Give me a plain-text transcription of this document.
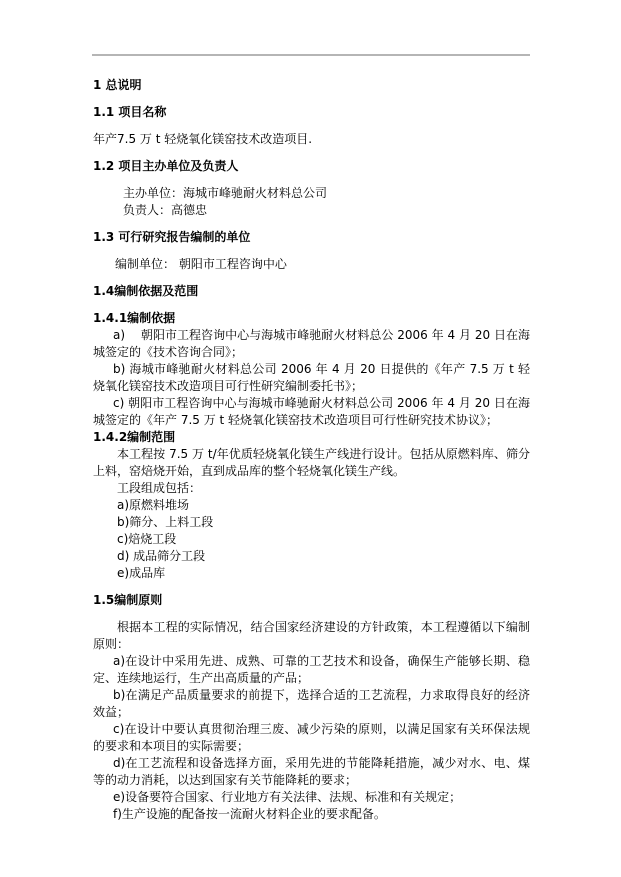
1 总说明
1.1 项目名称
年产7.5 万 t 轻烧氧化镁窑技术改造项目.
1.2 项目主办单位及负责人
主办单位：海城市峰驰耐火材料总公司
负责人：高德忠
1.3 可行研究报告编制的单位
编制单位： 朝阳市工程咨询中心
1.4编制依据及范围
1.4.1编制依据
a)　 朝阳市工程咨询中心与海城市峰驰耐火材料总公 2006 年 4 月 20 日在海城签定的《技术咨询合同》；
b) 海城市峰驰耐火材料总公司 2006 年 4 月 20 日提供的《年产 7.5 万 t 轻烧氧化镁窑技术改造项目可行性研究编制委托书》；
c) 朝阳市工程咨询中心与海城市峰驰耐火材料总公司 2006 年 4 月 20 日在海城签定的《年产 7.5 万 t 轻烧氧化镁窑技术改造项目可行性研究技术协议》；
1.4.2编制范围
本工程按 7.5 万 t/年优质轻烧氧化镁生产线进行设计。包括从原燃料库、筛分上料，窑焙烧开始，直到成品库的整个轻烧氧化镁生产线。
工段组成包括：
a)原燃料堆场
b)筛分、上料工段
c)焙烧工段
d) 成品筛分工段
e)成品库
1.5编制原则
根据本工程的实际情况，结合国家经济建设的方针政策，本工程遵循以下编制原则：
a)在设计中采用先进、成熟、可靠的工艺技术和设备，确保生产能够长期、稳定、连续地运行，生产出高质量的产品；
b)在满足产品质量要求的前提下，选择合适的工艺流程，力求取得良好的经济效益；
c)在设计中要认真贯彻治理三废、减少污染的原则，以满足国家有关环保法规的要求和本项目的实际需要；
d)在工艺流程和设备选择方面，采用先进的节能降耗措施，减少对水、电、煤等的动力消耗，以达到国家有关节能降耗的要求；
e)设备要符合国家、行业地方有关法律、法规、标准和有关规定；
f)生产设施的配备按一流耐火材料企业的要求配备。
